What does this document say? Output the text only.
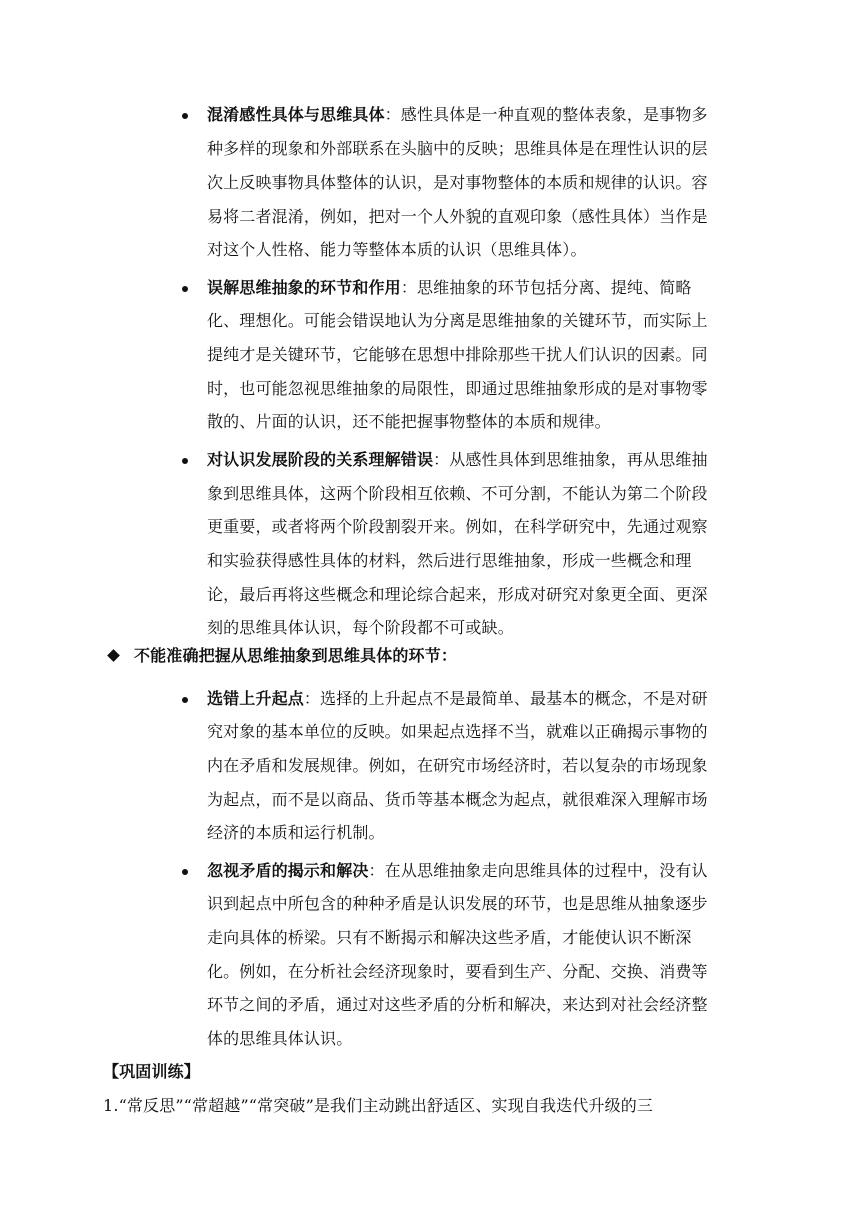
混淆感性具体与思维具体：感性具体是一种直观的整体表象，是事物多
种多样的现象和外部联系在头脑中的反映；思维具体是在理性认识的层
次上反映事物具体整体的认识，是对事物整体的本质和规律的认识。容
易将二者混淆，例如，把对一个人外貌的直观印象（感性具体）当作是
对这个人性格、能力等整体本质的认识（思维具体）。
误解思维抽象的环节和作用：思维抽象的环节包括分离、提纯、简略
化、理想化。可能会错误地认为分离是思维抽象的关键环节，而实际上
提纯才是关键环节，它能够在思想中排除那些干扰人们认识的因素。同
时，也可能忽视思维抽象的局限性，即通过思维抽象形成的是对事物零
散的、片面的认识，还不能把握事物整体的本质和规律。
对认识发展阶段的关系理解错误：从感性具体到思维抽象，再从思维抽
象到思维具体，这两个阶段相互依赖、不可分割，不能认为第二个阶段
更重要，或者将两个阶段割裂开来。例如，在科学研究中，先通过观察
和实验获得感性具体的材料，然后进行思维抽象，形成一些概念和理
论，最后再将这些概念和理论综合起来，形成对研究对象更全面、更深
刻的思维具体认识，每个阶段都不可或缺。
不能准确把握从思维抽象到思维具体的环节：
选错上升起点：选择的上升起点不是最简单、最基本的概念，不是对研
究对象的基本单位的反映。如果起点选择不当，就难以正确揭示事物的
内在矛盾和发展规律。例如，在研究市场经济时，若以复杂的市场现象
为起点，而不是以商品、货币等基本概念为起点，就很难深入理解市场
经济的本质和运行机制。
忽视矛盾的揭示和解决：在从思维抽象走向思维具体的过程中，没有认
识到起点中所包含的种种矛盾是认识发展的环节，也是思维从抽象逐步
走向具体的桥梁。只有不断揭示和解决这些矛盾，才能使认识不断深
化。例如，在分析社会经济现象时，要看到生产、分配、交换、消费等
环节之间的矛盾，通过对这些矛盾的分析和解决，来达到对社会经济整
体的思维具体认识。
【巩固训练】
1.“常反思”“常超越”“常突破”是我们主动跳出舒适区、实现自我迭代升级的三
